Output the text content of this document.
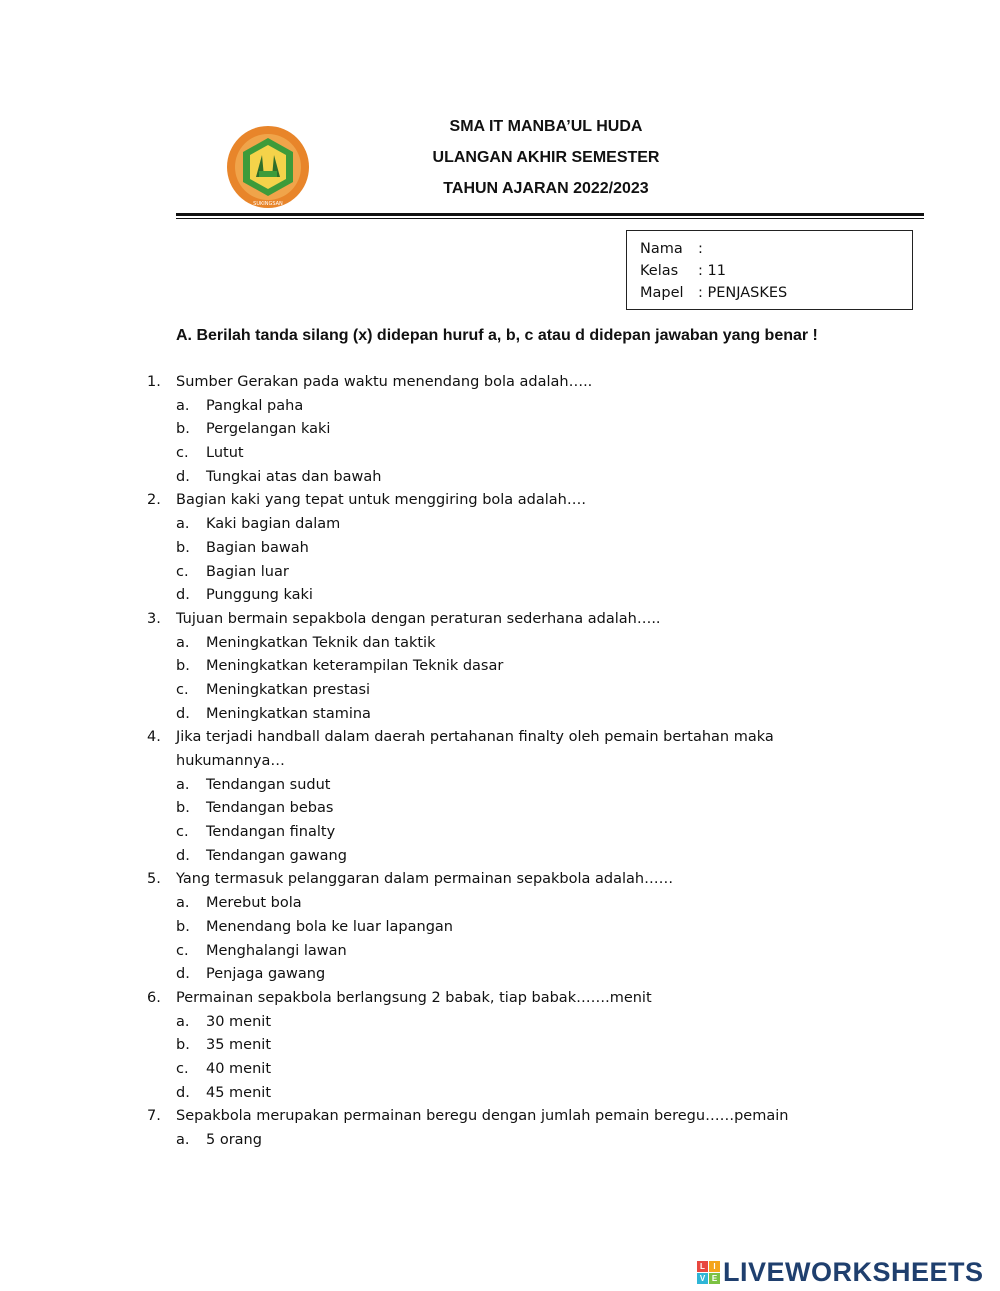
SUKINGSAN
SMA IT MANBA’UL HUDA
ULANGAN AKHIR SEMESTER
TAHUN AJARAN 2022/2023
Nama	:
Kelas	: 11
Mapel : PENJASKES
A. Berilah tanda silang (x) didepan huruf a, b, c atau d didepan jawaban yang benar !
1. Sumber Gerakan pada waktu menendang bola adalah…..
a. Pangkal paha
b. Pergelangan kaki
c. Lutut
d. Tungkai atas dan bawah
2. Bagian kaki yang tepat untuk menggiring bola adalah….
a. Kaki bagian dalam
b. Bagian bawah
c. Bagian luar
d. Punggung kaki
3. Tujuan bermain sepakbola dengan peraturan sederhana adalah…..
a. Meningkatkan Teknik dan taktik
b. Meningkatkan keterampilan Teknik dasar
c. Meningkatkan prestasi
d. Meningkatkan stamina
4. Jika terjadi handball dalam daerah pertahanan finalty oleh pemain bertahan maka
hukumannya…
a. Tendangan sudut
b. Tendangan bebas
c. Tendangan finalty
d. Tendangan gawang
5. Yang termasuk pelanggaran dalam permainan sepakbola adalah……
a. Merebut bola
b. Menendang bola ke luar lapangan
c. Menghalangi lawan
d. Penjaga gawang
6. Permainan sepakbola berlangsung 2 babak, tiap babak…….menit
a. 30 menit
b. 35 menit
c. 40 menit
d. 45 menit
7. Sepakbola merupakan permainan beregu dengan jumlah pemain beregu……pemain
a. 5 orang
L	I
V E LIVEWORKSHEETS
